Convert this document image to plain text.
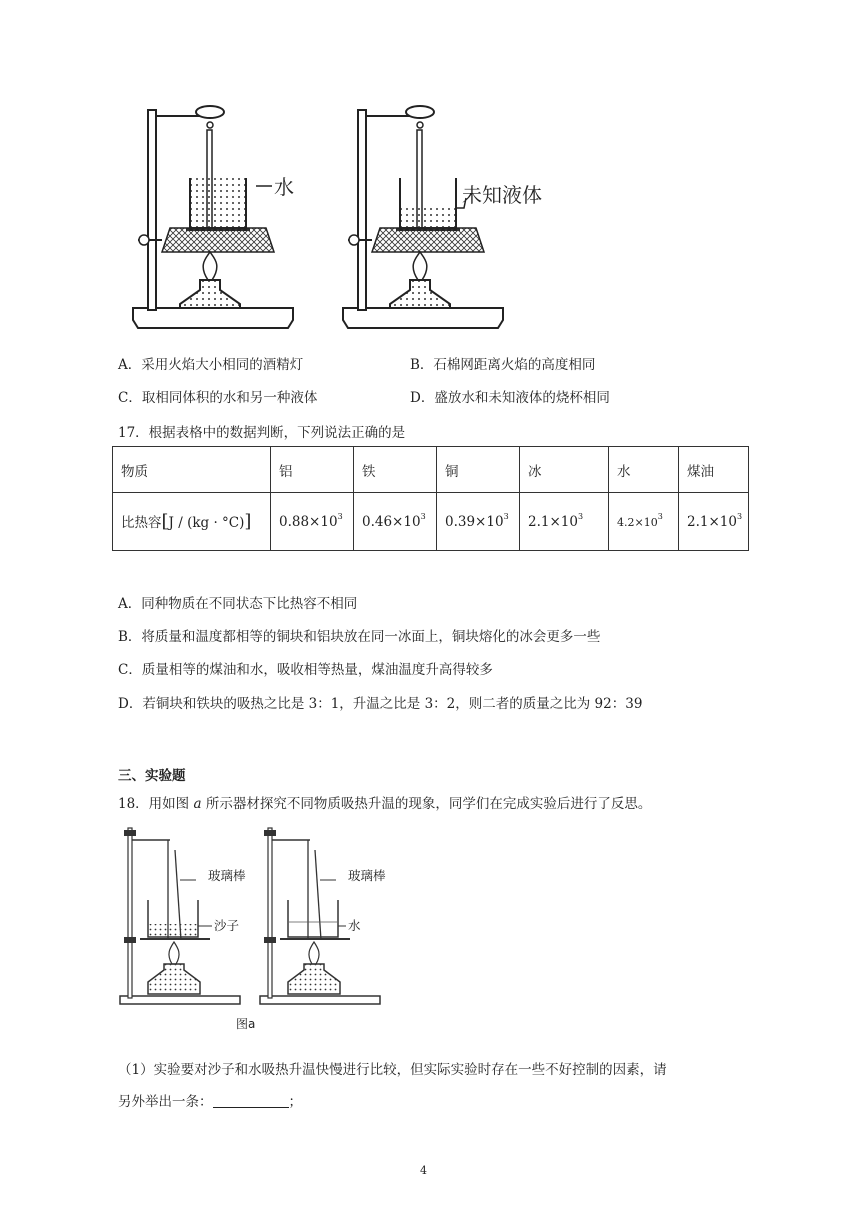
水	未知液体
A．采用火焰大小相同的酒精灯	B．石棉网距离火焰的高度相同
C．取相同体积的水和另一种液体	D．盛放水和未知液体的烧杯相同
17．根据表格中的数据判断，下列说法正确的是
物质	铝	铁	铜	冰	水	煤油
比热容[J / (kg · °C)]	$0.88\times 10^3$	$0.46\times 10^3$	$0.39\times 10^3$	$2.1\times 10^3$	$4.2\times 10^3$	$2.1\times 10^3$
A．同种物质在不同状态下比热容不相同
B．将质量和温度都相等的铜块和铝块放在同一冰面上，铜块熔化的冰会更多一些
C．质量相等的煤油和水，吸收相等热量，煤油温度升高得较多
D．若铜块和铁块的吸热之比是 3：1，升温之比是 3：2，则二者的质量之比为 92：39
三、实验题
18．用如图 a 所示器材探究不同物质吸热升温的现象，同学们在完成实验后进行了反思。
玻璃棒
沙子
玻璃棒
水
图a
（1）实验要对沙子和水吸热升温快慢进行比较，但实际实验时存在一些不好控制的因素，请
另外举出一条：	；
4
